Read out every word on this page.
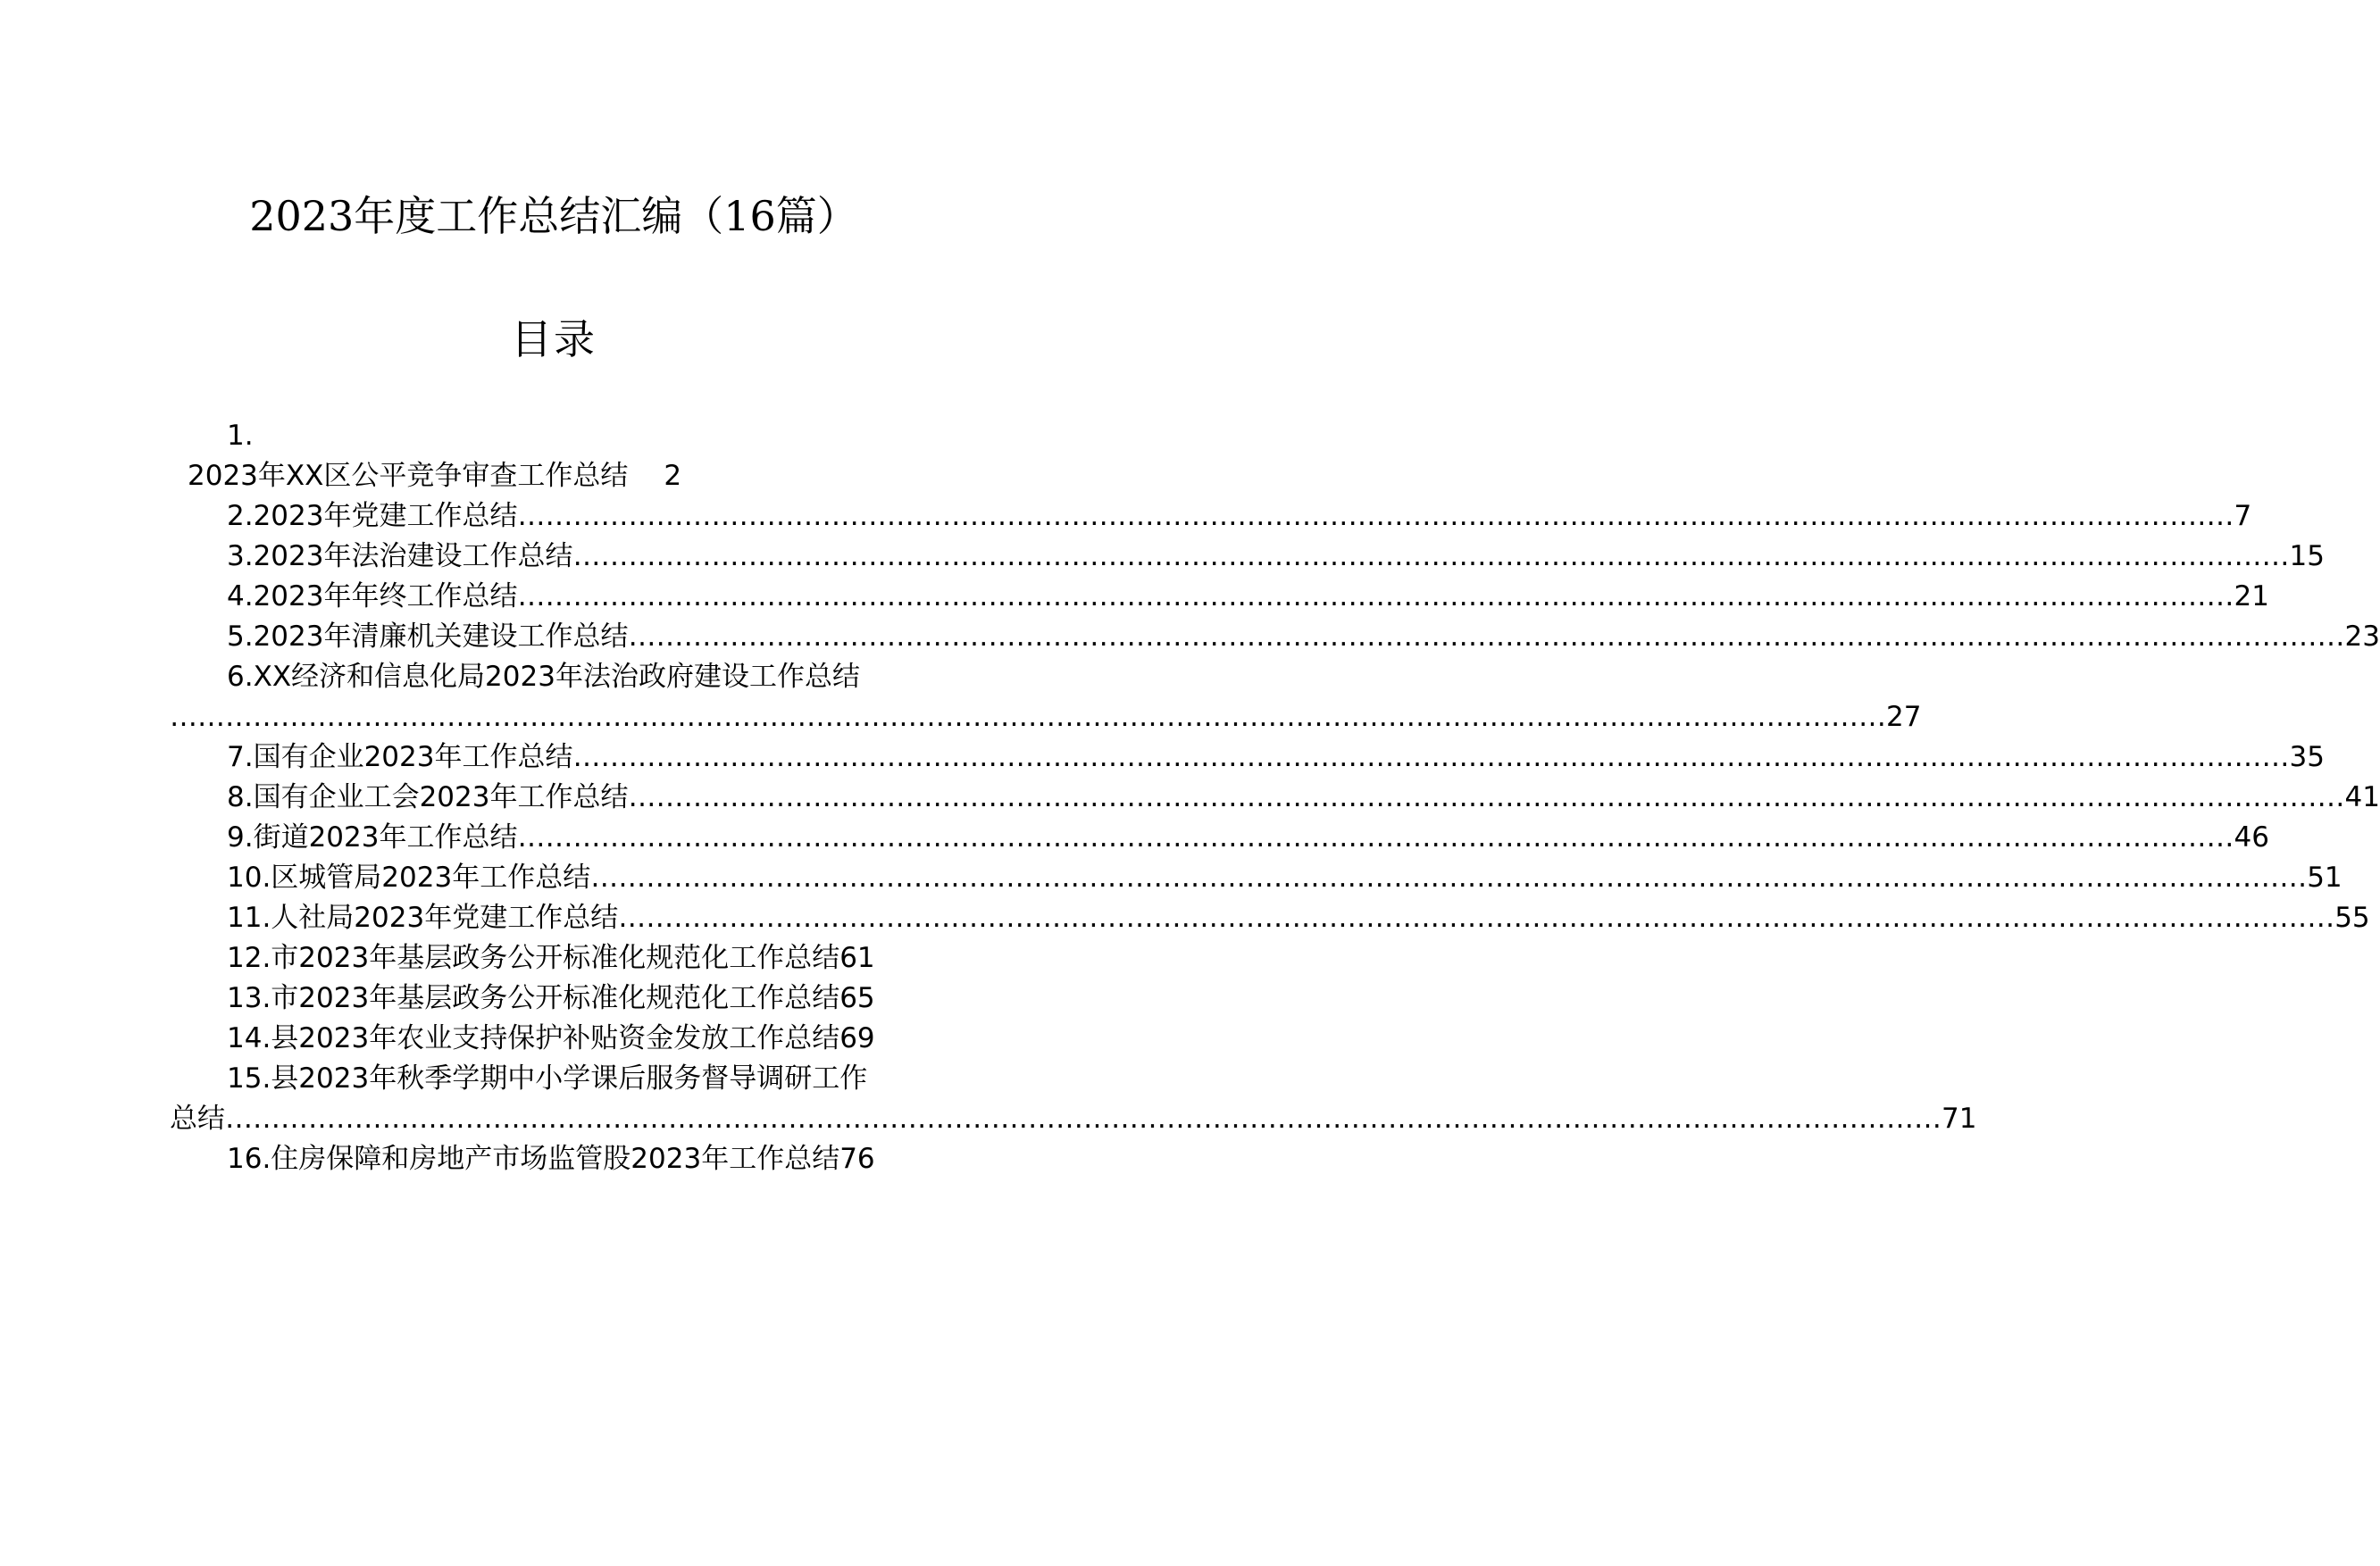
2023年度工作总结汇编（16篇）
目录
1.
2023年XX区公平竞争审查工作总结 2
2.2023年党建工作总结 …………………………………………………………………………………………………………………………………………………………………… 7
3.2023年法治建设工作总结 …………………………………………………………………………………………………………………………………………………………………… 15
4.2023年年终工作总结 …………………………………………………………………………………………………………………………………………………………………… 21
5.2023年清廉机关建设工作总结 …………………………………………………………………………………………………………………………………………………………………… 23
6.XX经济和信息化局2023年法治政府建设工作总结
…………………………………………………………………………………………………………………………………………………………………… 27
7.国有企业2023年工作总结 …………………………………………………………………………………………………………………………………………………………………… 35
8.国有企业工会2023年工作总结 …………………………………………………………………………………………………………………………………………………………………… 41
9.街道2023年工作总结 …………………………………………………………………………………………………………………………………………………………………… 46
10.区城管局2023年工作总结 …………………………………………………………………………………………………………………………………………………………………… 51
11.人社局2023年党建工作总结 …………………………………………………………………………………………………………………………………………………………………… 55
12.市2023年基层政务公开标准化规范化工作总结 61
13.市2023年基层政务公开标准化规范化工作总结 65
14.县2023年农业支持保护补贴资金发放工作总结 69
15.县2023年秋季学期中小学课后服务督导调研工作
总结 …………………………………………………………………………………………………………………………………………………………………… 71
16.住房保障和房地产市场监管股2023年工作总结 76
